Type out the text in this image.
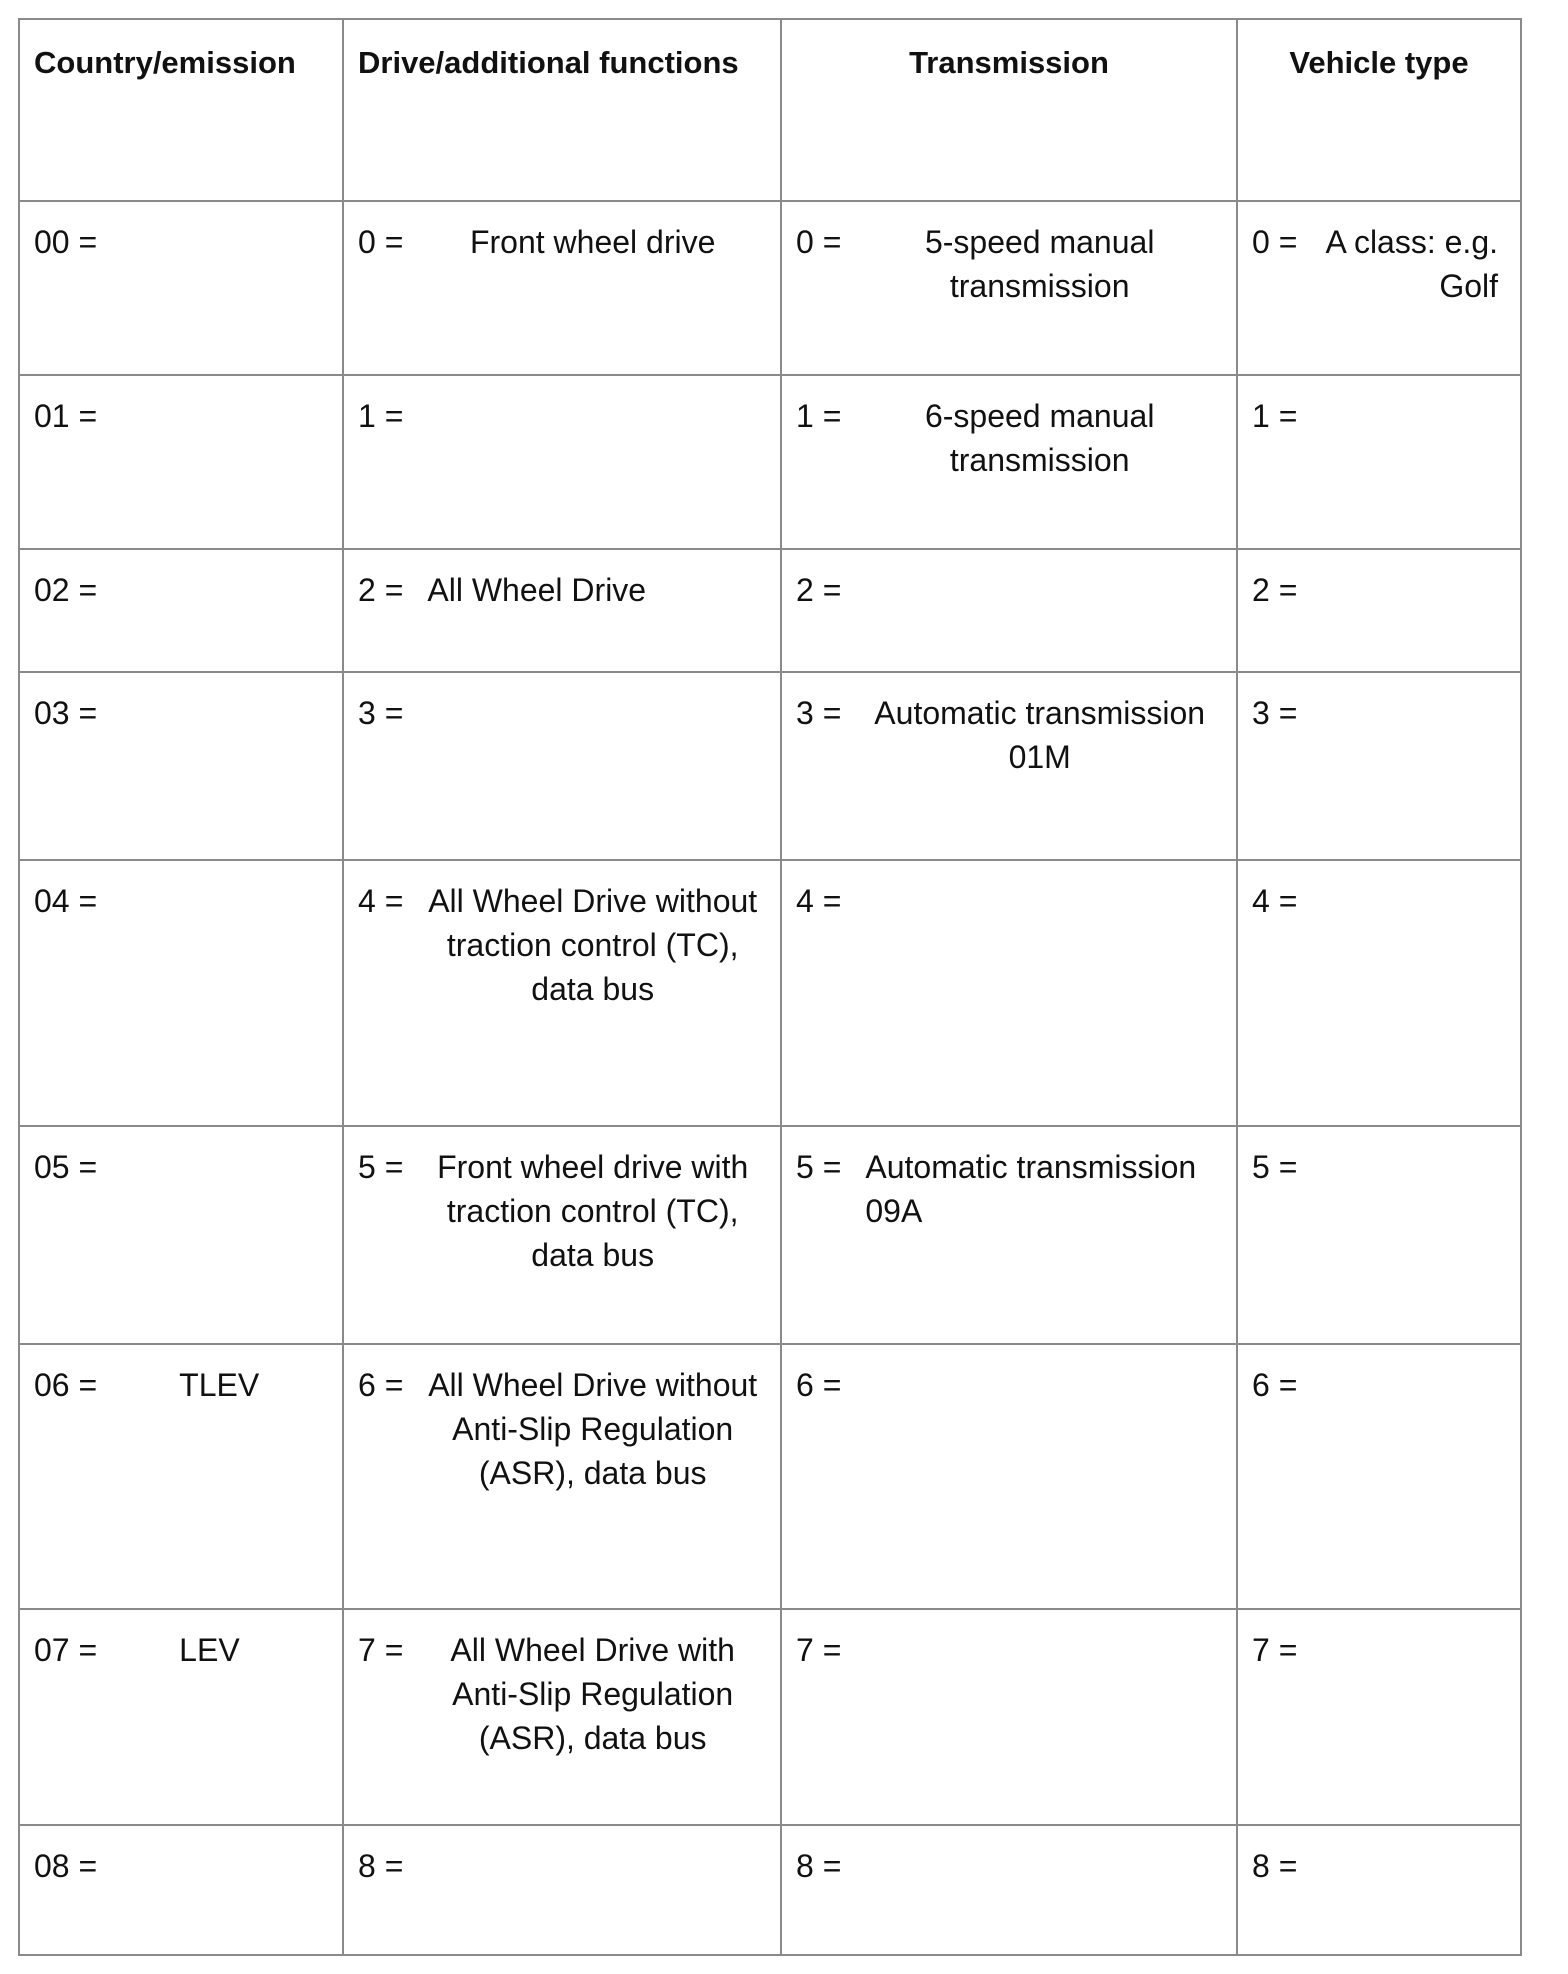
Country/emission	Drive/additional functions	Transmission	Vehicle type

00 =	0 = Front wheel drive	0 = 5-speed manual transmission	0 = A class: e.g. Golf

01 =	1 =	1 = 6-speed manual transmission	1 =

02 =	2 = All Wheel Drive	2 =	2 =

03 =	3 =	3 = Automatic transmission 01M	3 =

04 =	4 = All Wheel Drive without traction control (TC), data bus	4 =	4 =

05 =	5 = Front wheel drive with traction control (TC), data bus	5 = Automatic transmission 09A	5 =

06 = TLEV	6 = All Wheel Drive without Anti-Slip Regulation (ASR), data bus	6 =	6 =

07 = LEV	7 = All Wheel Drive with Anti-Slip Regulation (ASR), data bus	7 =	7 =

08 =	8 =	8 =	8 =
